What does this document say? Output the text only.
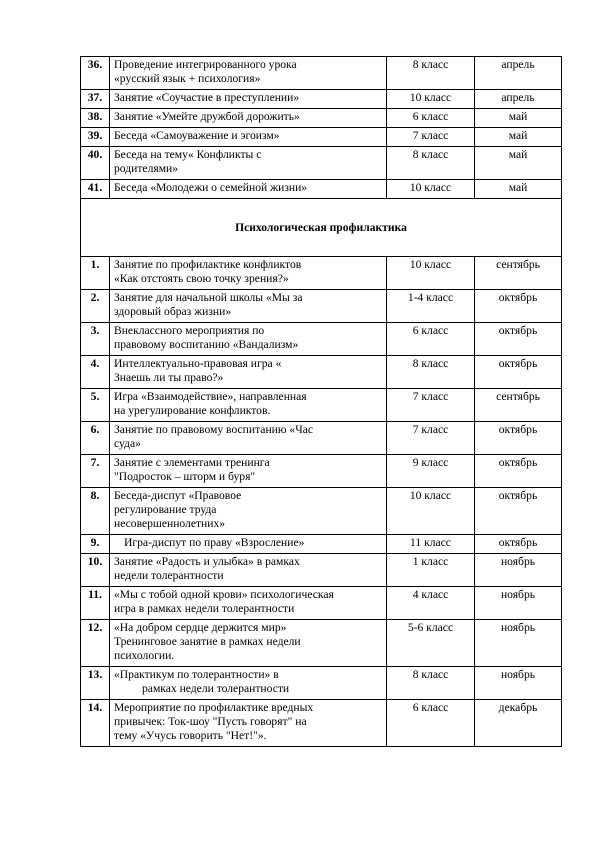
36.	Проведение интегрированного урока
«русский язык + психология»	8 класс	апрель
37.	Занятие «Соучастие в преступлении»	10 класс	апрель
38.	Занятие «Умейте дружбой дорожить»	6 класс	май
39.	Беседа «Самоуважение и эгоизм»	7 класс	май
40.	Беседа на тему« Конфликты с
родителями»	8 класс	май
41.	Беседа «Молодежи о семейной жизни»	10 класс	май
Психологическая профилактика			
1.	Занятие по профилактике конфликтов
«Как отстоять свою точку зрения?»	10 класс	сентябрь
2.	Занятие для начальной школы «Мы за
здоровый образ жизни»	1-4 класс	октябрь
3.	Внеклассного мероприятия по
правовому воспитанию «Вандализм»	6 класс	октябрь
4.	Интеллектуально-правовая игра «
Знаешь ли ты право?»	8 класс	октябрь
5.	Игра «Взаимодействие», направленная
на урегулирование конфликтов.	7 класс	сентябрь
6.	Занятие по правовому воспитанию «Час
суда»	7 класс	октябрь
7.	Занятие с элементами тренинга
"Подросток – шторм и буря"	9 класс	октябрь
8.	Беседа-диспут «Правовое
регулирование труда
несовершеннолетних»	10 класс	октябрь
9.	Игра-диспут по праву «Взросление»	11 класс	октябрь
10.	Занятие «Радость и улыбка» в рамках
недели толерантности	1 класс	ноябрь
11.	«Мы с тобой одной крови» психологическая
игра в рамках недели толерантности	4 класс	ноябрь
12.	«На добром сердце держится мир»
Тренинговое занятие в рамках недели
психологии.	5-6 класс	ноябрь
13.	«Практикум по толерантности» в
рамках недели толерантности	8 класс	ноябрь
14.	Мероприятие по профилактике вредных
привычек: Ток-шоу "Пусть говорят" на
тему «Учусь говорить "Нет!"».	6 класс	декабрь
